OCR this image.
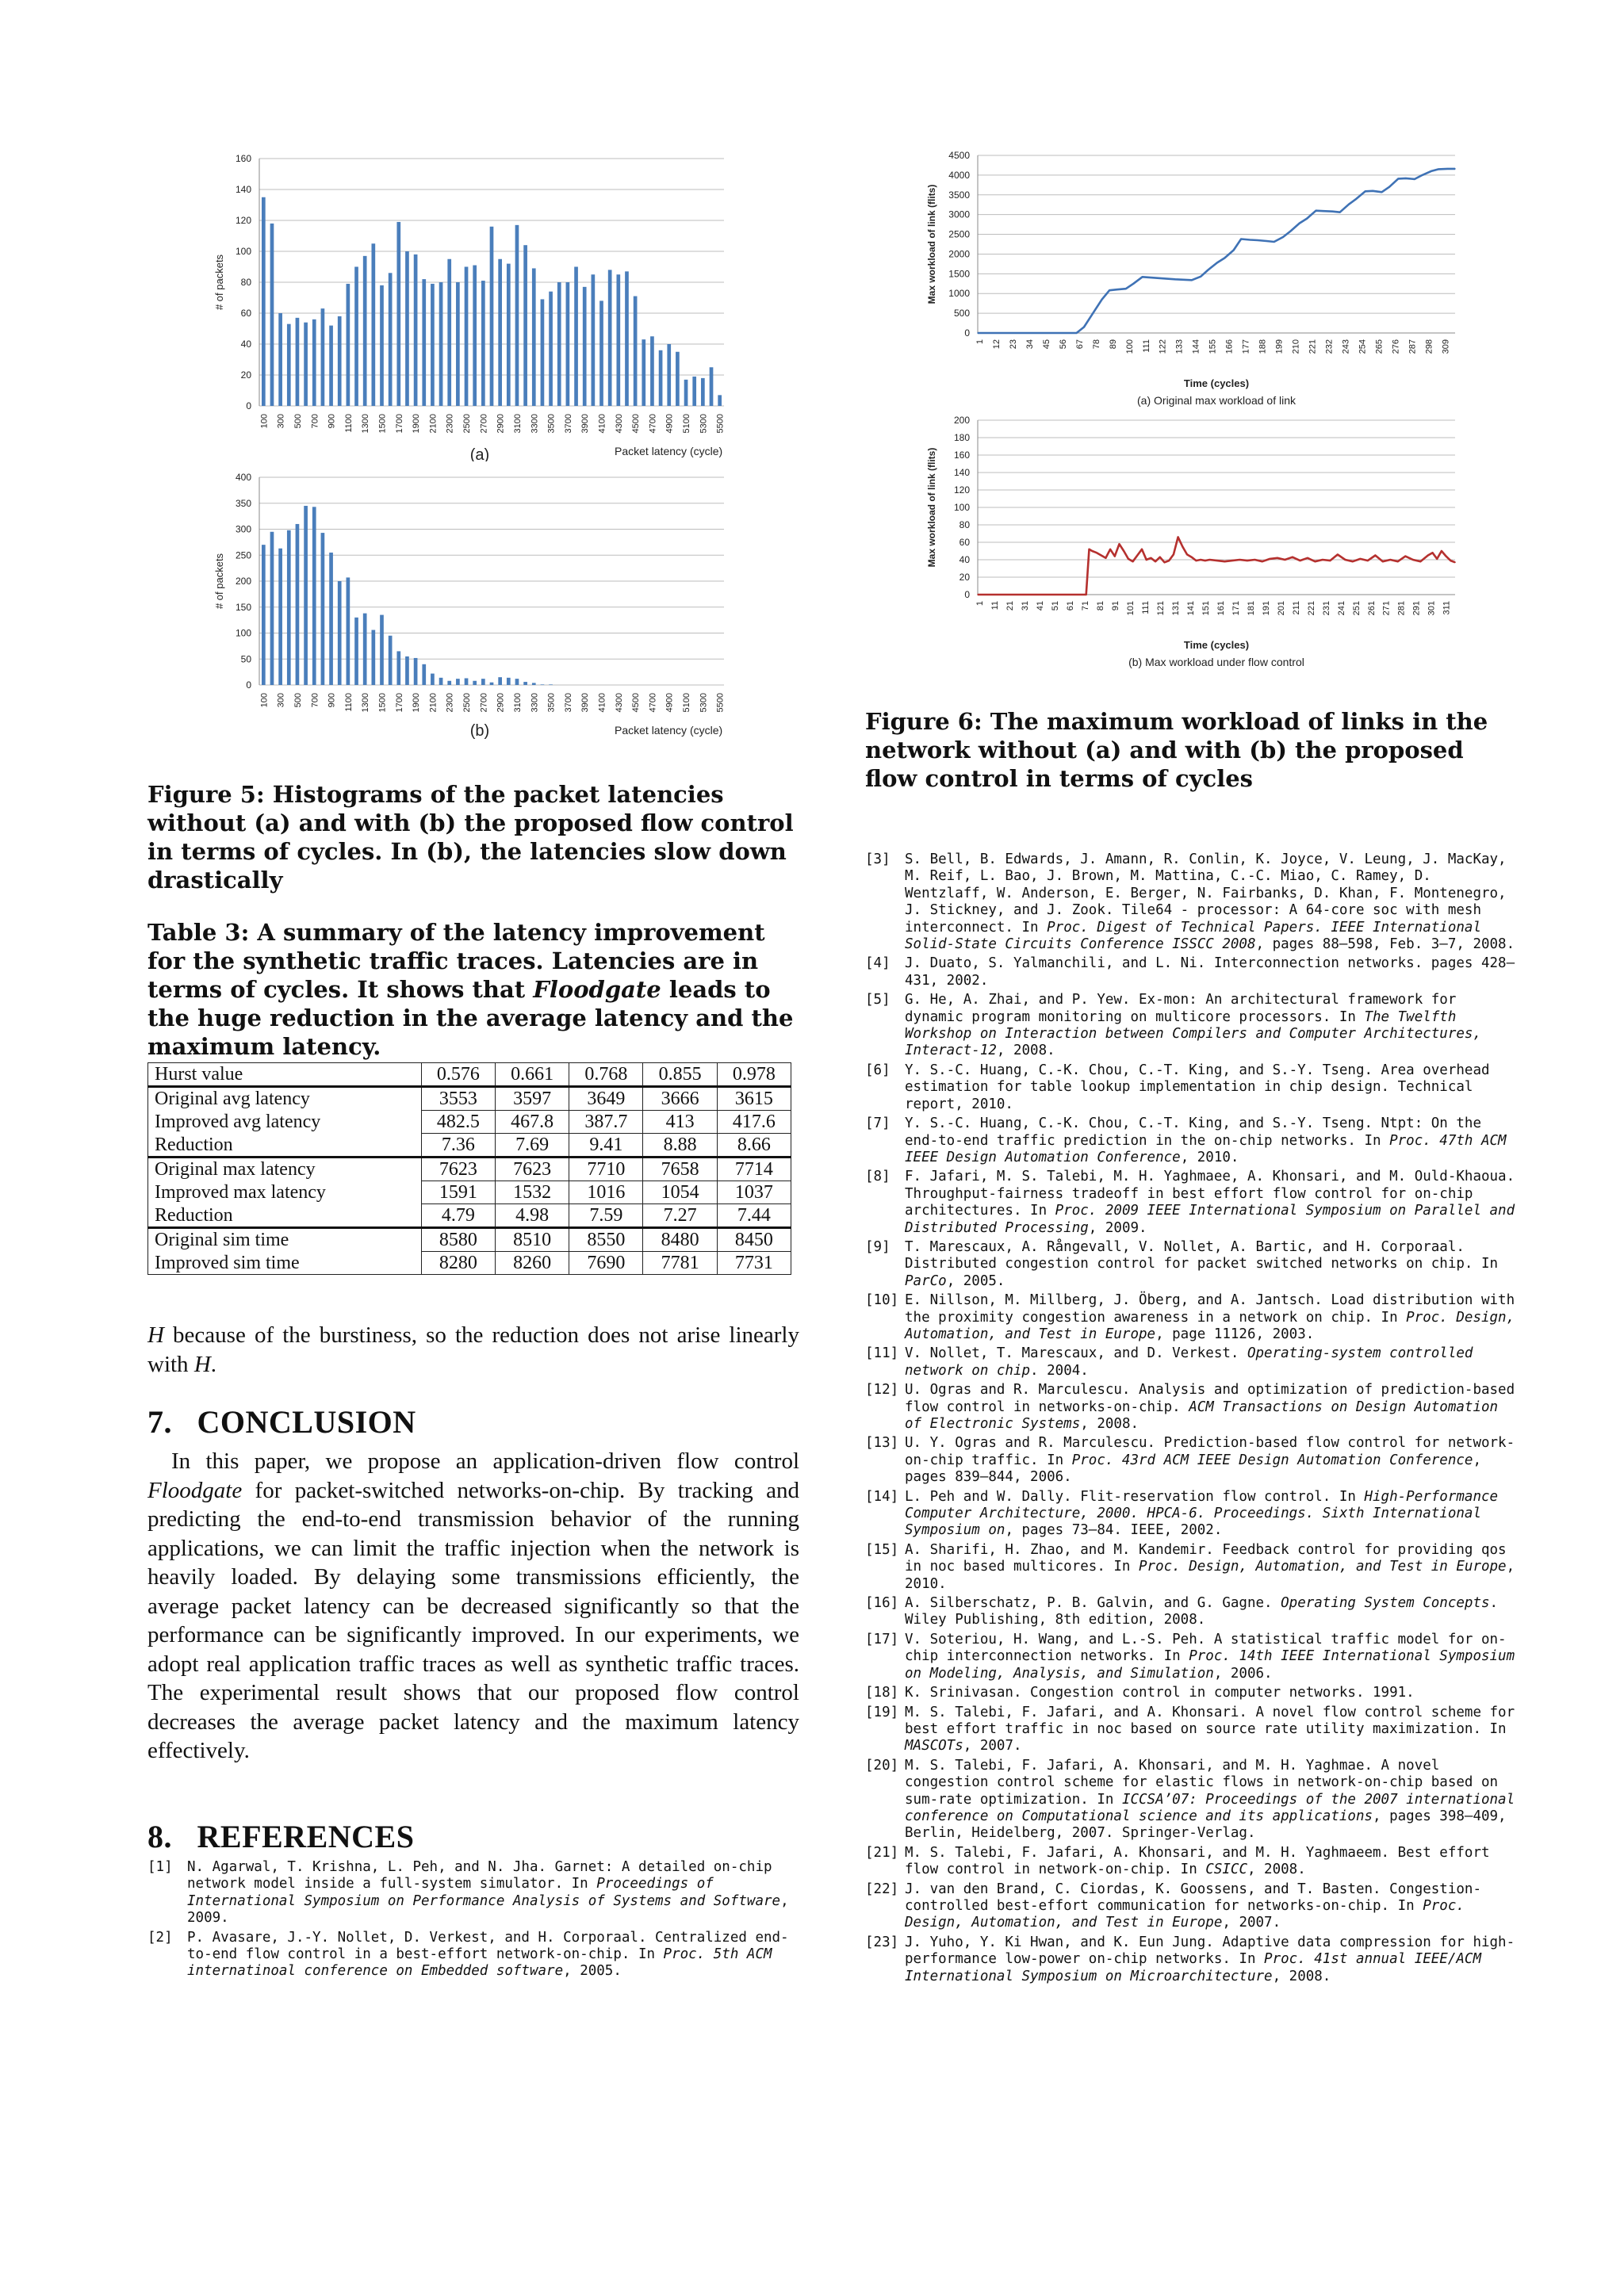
0
20
40
60
80
100
120
140
160
100 300 500 700 900 1100 1300 1500 1700 1900 2100 2300 2500 2700 2900 3100 3300 3500 3700 3900 4100 4300 4500 4700 4900 5100 5300 5500
# of packets
Packet latency (cycle)
(a)
0
50
100
150
200
250
300
350
400
100 300 500 700 900 1100 1300 1500 1700 1900 2100 2300 2500 2700 2900 3100 3300 3500 3700 3900 4100 4300 4500 4700 4900 5100 5300 5500
# of packets
Packet latency (cycle)
(b)
Figure 5: Histograms of the packet latencies without (a) and with (b) the proposed flow control in terms of cycles. In (b), the latencies slow down drastically
0
500
1000
1500
2000
2500
3000
3500
4000
4500
1 12 23 34 45 56 67 78 89 100 111 122 133 144 155 166 177 188 199 210 221 232 243 254 265 276 287 298 309
Max workload of link (flits)
Time (cycles)
(a) Original max workload of link
0
20
40
60
80
100
120
140
160
180
200
1 11 21 31 41 51 61 71 81 91 101 111 121 131 141 151 161 171 181 191 201 211 221 231 241 251 261 271 281 291 301 311
Max workload of link (flits)
Time (cycles)
(b) Max workload under flow control
Figure 6: The maximum workload of links in the network without (a) and with (b) the proposed flow control in terms of cycles
Table 3: A summary of the latency improvement for the synthetic traffic traces. Latencies are in terms of cycles. It shows that Floodgate leads to the huge reduction in the average latency and the maximum latency.
Hurst value	0.576	0.661	0.768	0.855	0.978
Original avg latency	3553	3597	3649	3666	3615
Improved avg latency	482.5	467.8	387.7	413	417.6
Reduction	7.36	7.69	9.41	8.88	8.66
Original max latency	7623	7623	7710	7658	7714
Improved max latency	1591	1532	1016	1054	1037
Reduction	4.79	4.98	7.59	7.27	7.44
Original sim time	8580	8510	8550	8480	8450
Improved sim time	8280	8260	7690	7781	7731
H because of the burstiness, so the reduction does not arise linearly with H.
7.   CONCLUSION
In this paper, we propose an application-driven flow control Floodgate for packet-switched networks-on-chip. By tracking and predicting the end-to-end transmission behavior of the running applications, we can limit the traffic injection when the network is heavily loaded. By delaying some transmissions efficiently, the average packet latency can be decreased significantly so that the performance can be significantly improved. In our experiments, we adopt real application traffic traces as well as synthetic traffic traces. The experimental result shows that our proposed flow control decreases the average packet latency and the maximum latency effectively.
8.   REFERENCES
[1] N. Agarwal, T. Krishna, L. Peh, and N. Jha. Garnet: A detailed on-chip network model inside a full-system simulator. In Proceedings of International Symposium on Performance Analysis of Systems and Software, 2009.
[2] P. Avasare, J.-Y. Nollet, D. Verkest, and H. Corporaal. Centralized end-to-end flow control in a best-effort network-on-chip. In Proc. 5th ACM internatinoal conference on Embedded software, 2005.
[3] S. Bell, B. Edwards, J. Amann, R. Conlin, K. Joyce, V. Leung, J. MacKay, M. Reif, L. Bao, J. Brown, M. Mattina, C.-C. Miao, C. Ramey, D. Wentzlaff, W. Anderson, E. Berger, N. Fairbanks, D. Khan, F. Montenegro, J. Stickney, and J. Zook. Tile64 - processor: A 64-core soc with mesh interconnect. In Proc. Digest of Technical Papers. IEEE International Solid-State Circuits Conference ISSCC 2008, pages 88–598, Feb. 3–7, 2008.
[4] J. Duato, S. Yalmanchili, and L. Ni. Interconnection networks. pages 428–431, 2002.
[5] G. He, A. Zhai, and P. Yew. Ex-mon: An architectural framework for dynamic program monitoring on multicore processors. In The Twelfth Workshop on Interaction between Compilers and Computer Architectures, Interact-12, 2008.
[6] Y. S.-C. Huang, C.-K. Chou, C.-T. King, and S.-Y. Tseng. Area overhead estimation for table lookup implementation in chip design. Technical report, 2010.
[7] Y. S.-C. Huang, C.-K. Chou, C.-T. King, and S.-Y. Tseng. Ntpt: On the end-to-end traffic prediction in the on-chip networks. In Proc. 47th ACM IEEE Design Automation Conference, 2010.
[8] F. Jafari, M. S. Talebi, M. H. Yaghmaee, A. Khonsari, and M. Ould-Khaoua. Throughput-fairness tradeoff in best effort flow control for on-chip architectures. In Proc. 2009 IEEE International Symposium on Parallel and Distributed Processing, 2009.
[9] T. Marescaux, A. Rångevall, V. Nollet, A. Bartic, and H. Corporaal. Distributed congestion control for packet switched networks on chip. In ParCo, 2005.
[10] E. Nillson, M. Millberg, J. Öberg, and A. Jantsch. Load distribution with the proximity congestion awareness in a network on chip. In Proc. Design, Automation, and Test in Europe, page 11126, 2003.
[11] V. Nollet, T. Marescaux, and D. Verkest. Operating-system controlled network on chip. 2004.
[12] U. Ogras and R. Marculescu. Analysis and optimization of prediction-based flow control in networks-on-chip. ACM Transactions on Design Automation of Electronic Systems, 2008.
[13] U. Y. Ogras and R. Marculescu. Prediction-based flow control for network-on-chip traffic. In Proc. 43rd ACM IEEE Design Automation Conference, pages 839–844, 2006.
[14] L. Peh and W. Dally. Flit-reservation flow control. In High-Performance Computer Architecture, 2000. HPCA-6. Proceedings. Sixth International Symposium on, pages 73–84. IEEE, 2002.
[15] A. Sharifi, H. Zhao, and M. Kandemir. Feedback control for providing qos in noc based multicores. In Proc. Design, Automation, and Test in Europe, 2010.
[16] A. Silberschatz, P. B. Galvin, and G. Gagne. Operating System Concepts. Wiley Publishing, 8th edition, 2008.
[17] V. Soteriou, H. Wang, and L.-S. Peh. A statistical traffic model for on-chip interconnection networks. In Proc. 14th IEEE International Symposium on Modeling, Analysis, and Simulation, 2006.
[18] K. Srinivasan. Congestion control in computer networks. 1991.
[19] M. S. Talebi, F. Jafari, and A. Khonsari. A novel flow control scheme for best effort traffic in noc based on source rate utility maximization. In MASCOTs, 2007.
[20] M. S. Talebi, F. Jafari, A. Khonsari, and M. H. Yaghmae. A novel congestion control scheme for elastic flows in network-on-chip based on sum-rate optimization. In ICCSA’07: Proceedings of the 2007 international conference on Computational science and its applications, pages 398–409, Berlin, Heidelberg, 2007. Springer-Verlag.
[21] M. S. Talebi, F. Jafari, A. Khonsari, and M. H. Yaghmaeem. Best effort flow control in network-on-chip. In CSICC, 2008.
[22] J. van den Brand, C. Ciordas, K. Goossens, and T. Basten. Congestion-controlled best-effort communication for networks-on-chip. In Proc. Design, Automation, and Test in Europe, 2007.
[23] J. Yuho, Y. Ki Hwan, and K. Eun Jung. Adaptive data compression for high-performance low-power on-chip networks. In Proc. 41st annual IEEE/ACM International Symposium on Microarchitecture, 2008.
